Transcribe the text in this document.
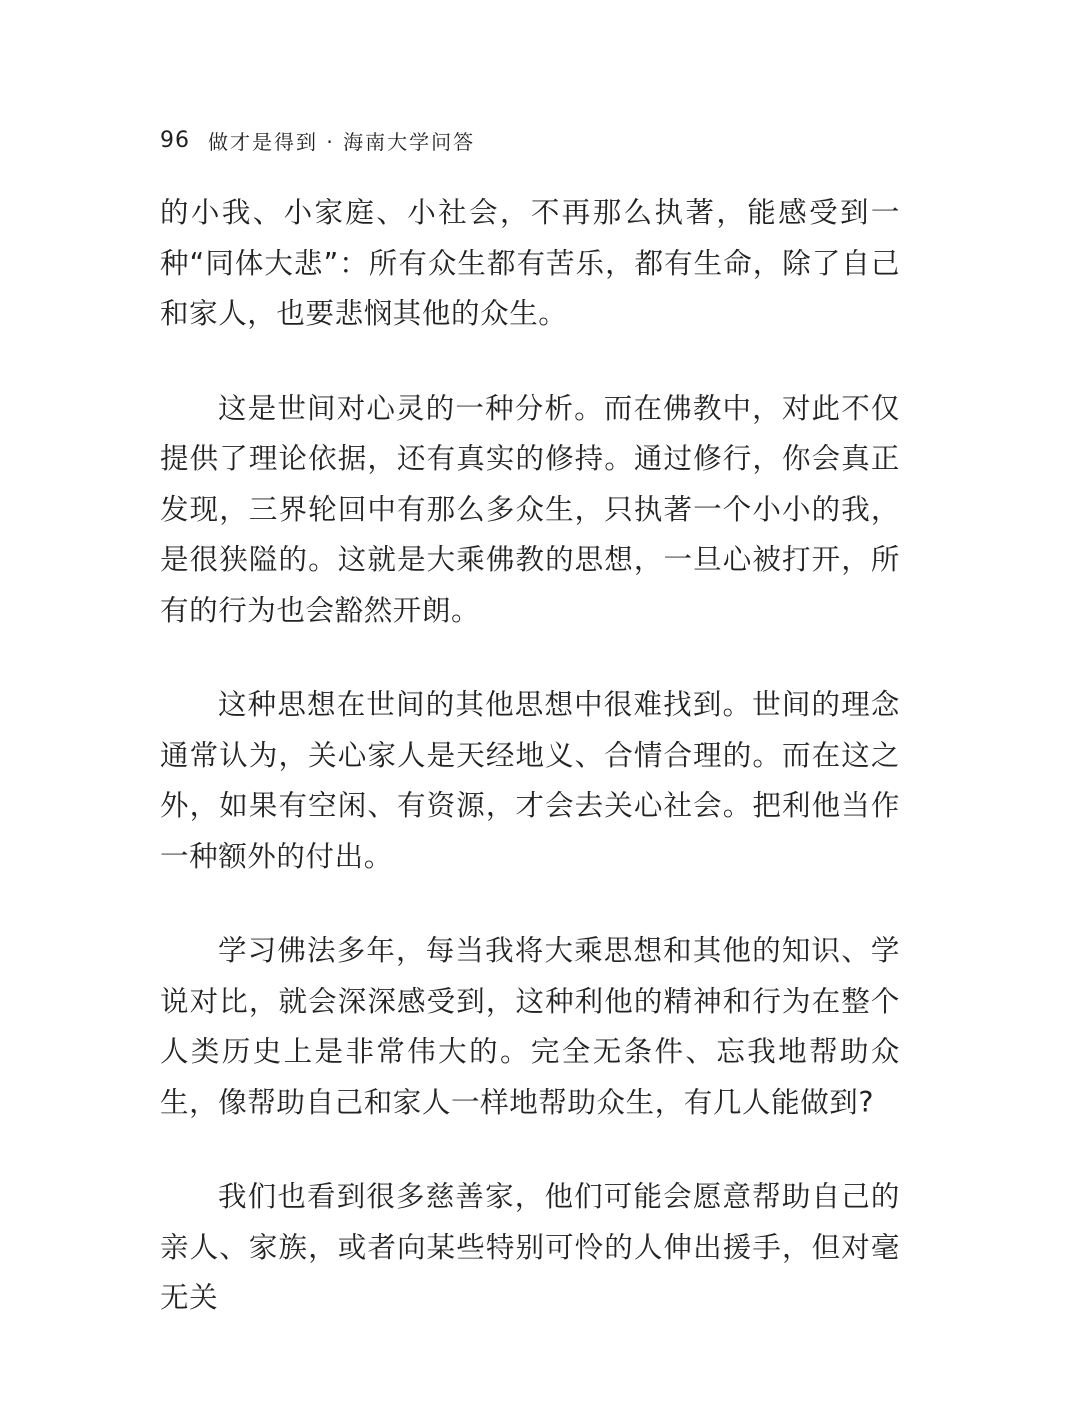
96 做才是得到 · 海南大学问答

的小我、小家庭、小社会，不再那么执著，能感受到一种“同体大悲”：所有众生都有苦乐，都有生命，除了自己和家人，也要悲悯其他的众生。

这是世间对心灵的一种分析。而在佛教中，对此不仅提供了理论依据，还有真实的修持。通过修行，你会真正发现，三界轮回中有那么多众生，只执著一个小小的我，是很狭隘的。这就是大乘佛教的思想，一旦心被打开，所有的行为也会豁然开朗。

这种思想在世间的其他思想中很难找到。世间的理念通常认为，关心家人是天经地义、合情合理的。而在这之外，如果有空闲、有资源，才会去关心社会。把利他当作一种额外的付出。

学习佛法多年，每当我将大乘思想和其他的知识、学说对比，就会深深感受到，这种利他的精神和行为在整个人类历史上是非常伟大的。完全无条件、忘我地帮助众生，像帮助自己和家人一样地帮助众生，有几人能做到?

我们也看到很多慈善家，他们可能会愿意帮助自己的亲人、家族，或者向某些特别可怜的人伸出援手，但对毫无关
